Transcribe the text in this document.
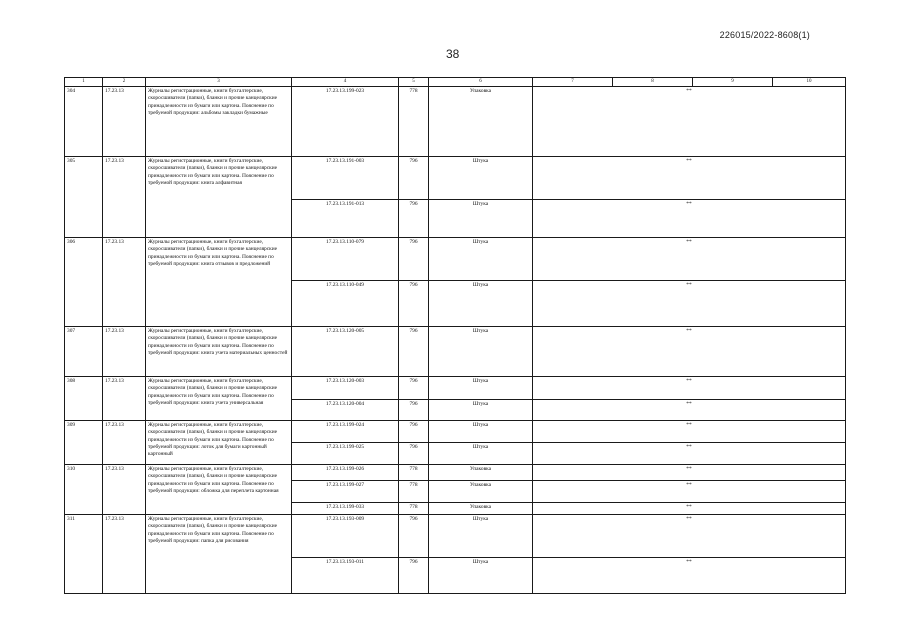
226015/2022-8608(1)
38
1	2	3	4	5	6	7	8	9	10
304	17.23.13	Журналы регистрационные, книги бухгалтерские, скоросшиватели (папки), бланки и прочие канцелярские принадлежности из бумаги или картона. Пояснение по требуемой продукции: альбомы закладки бумажные	17.23.13.199-023	778	Упаковка	**			

305	17.23.13	Журналы регистрационные, книги бухгалтерские, скоросшиватели (папки), бланки и прочие канцелярские принадлежности из бумаги или картона. Пояснение по требуемой продукции: книга алфавитная	17.23.13.191-003	796	Штука	**			

			17.23.13.191-013	796	Штука	**			

306	17.23.13	Журналы регистрационные, книги бухгалтерские, скоросшиватели (папки), бланки и прочие канцелярские принадлежности из бумаги или картона. Пояснение по требуемой продукции: книга отзывов и предложений	17.23.13.110-079	796	Штука	**			

			17.23.13.110-049	796	Штука	**			

307	17.23.13	Журналы регистрационные, книги бухгалтерские, скоросшиватели (папки), бланки и прочие канцелярские принадлежности из бумаги или картона. Пояснение по требуемой продукции: книга учета материальных ценностей	17.23.13.120-005	796	Штука	**			

308	17.23.13	Журналы регистрационные, книги бухгалтерские, скоросшиватели (папки), бланки и прочие канцелярские принадлежности из бумаги или картона. Пояснение по требуемой продукции: книга учета универсальная	17.23.13.120-003	796	Штука	**			

			17.23.13.120-004	796	Штука	**			

309	17.23.13	Журналы регистрационные, книги бухгалтерские, скоросшиватели (папки), бланки и прочие канцелярские принадлежности из бумаги или картона. Пояснение по требуемой продукции: лоток для бумаги картонный картонный	17.23.13.199-024	796	Штука	**			

			17.23.13.199-025	796	Штука	**			

310	17.23.13	Журналы регистрационные, книги бухгалтерские, скоросшиватели (папки), бланки и прочие канцелярские принадлежности из бумаги или картона. Пояснение по требуемой продукции: обложка для переплета картонная	17.23.13.199-026	778	Упаковка	**			

			17.23.13.199-027	778	Упаковка	**			

			17.23.13.199-033	778	Упаковка	**			

311	17.23.13	Журналы регистрационные, книги бухгалтерские, скоросшиватели (папки), бланки и прочие канцелярские принадлежности из бумаги или картона. Пояснение по требуемой продукции: папка для рисования	17.23.13.193-009	796	Штука	**			

			17.23.13.193-011	796	Штука	**			
